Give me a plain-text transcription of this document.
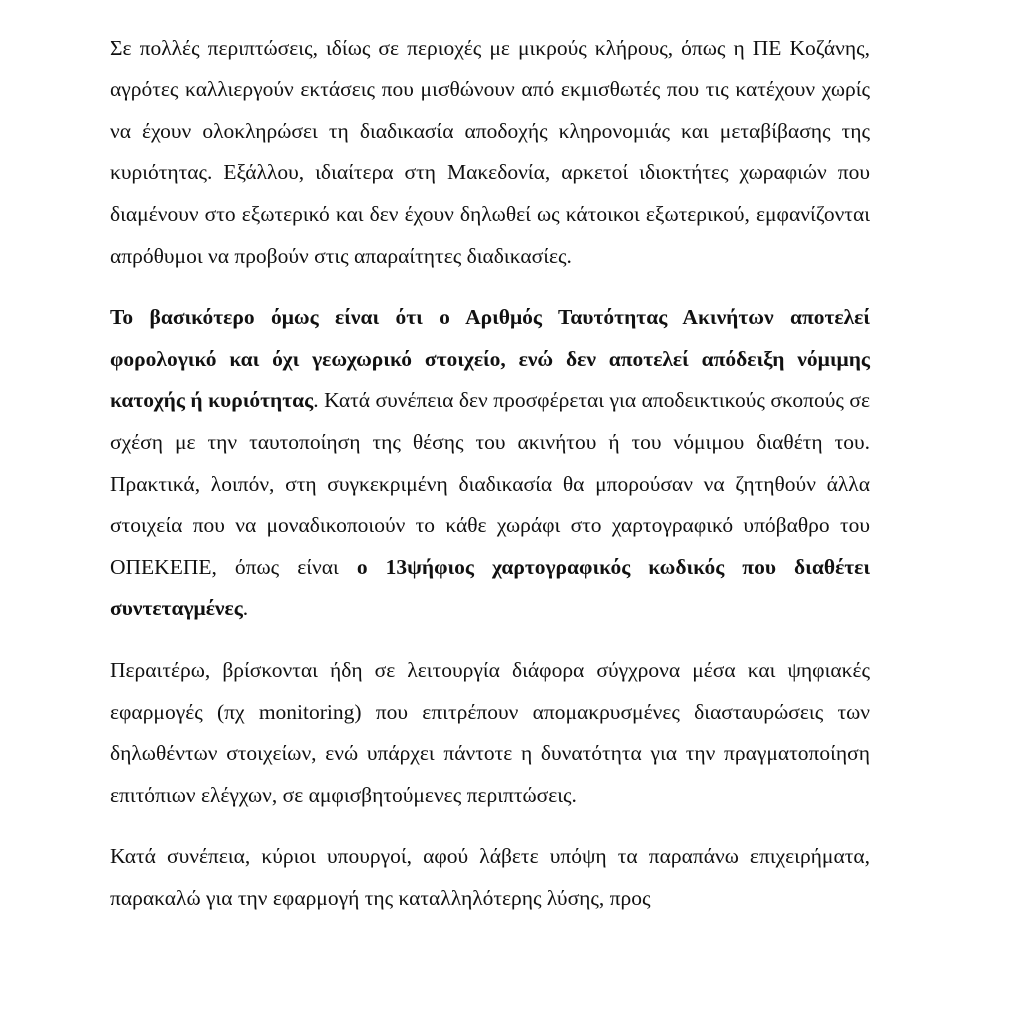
Σε πολλές περιπτώσεις, ιδίως σε περιοχές με μικρούς κλήρους, όπως η ΠΕ Κοζάνης, αγρότες καλλιεργούν εκτάσεις που μισθώνουν από εκμισθωτές που τις κατέχουν χωρίς να έχουν ολοκληρώσει τη διαδικασία αποδοχής κληρονομιάς και μεταβίβασης της κυριότητας. Εξάλλου, ιδιαίτερα στη Μακεδονία, αρκετοί ιδιοκτήτες χωραφιών που διαμένουν στο εξωτερικό και δεν έχουν δηλωθεί ως κάτοικοι εξωτερικού, εμφανίζονται απρόθυμοι να προβούν στις απαραίτητες διαδικασίες.

Το βασικότερο όμως είναι ότι ο Αριθμός Ταυτότητας Ακινήτων αποτελεί φορολογικό και όχι γεωχωρικό στοιχείο, ενώ δεν αποτελεί απόδειξη νόμιμης κατοχής ή κυριότητας. Κατά συνέπεια δεν προσφέρεται για αποδεικτικούς σκοπούς σε σχέση με την ταυτοποίηση της θέσης του ακινήτου ή του νόμιμου διαθέτη του. Πρακτικά, λοιπόν, στη συγκεκριμένη διαδικασία θα μπορούσαν να ζητηθούν άλλα στοιχεία που να μοναδικοποιούν το κάθε χωράφι στο χαρτογραφικό υπόβαθρο του ΟΠΕΚΕΠΕ, όπως είναι ο 13ψήφιος χαρτογραφικός κωδικός που διαθέτει συντεταγμένες.

Περαιτέρω, βρίσκονται ήδη σε λειτουργία διάφορα σύγχρονα μέσα και ψηφιακές εφαρμογές (πχ monitoring) που επιτρέπουν απομακρυσμένες διασταυρώσεις των δηλωθέντων στοιχείων, ενώ υπάρχει πάντοτε η δυνατότητα για την πραγματοποίηση επιτόπιων ελέγχων, σε αμφισβητούμενες περιπτώσεις.

Κατά συνέπεια, κύριοι υπουργοί, αφού λάβετε υπόψη τα παραπάνω επιχειρήματα, παρακαλώ για την εφαρμογή της καταλληλότερης λύσης, προς
